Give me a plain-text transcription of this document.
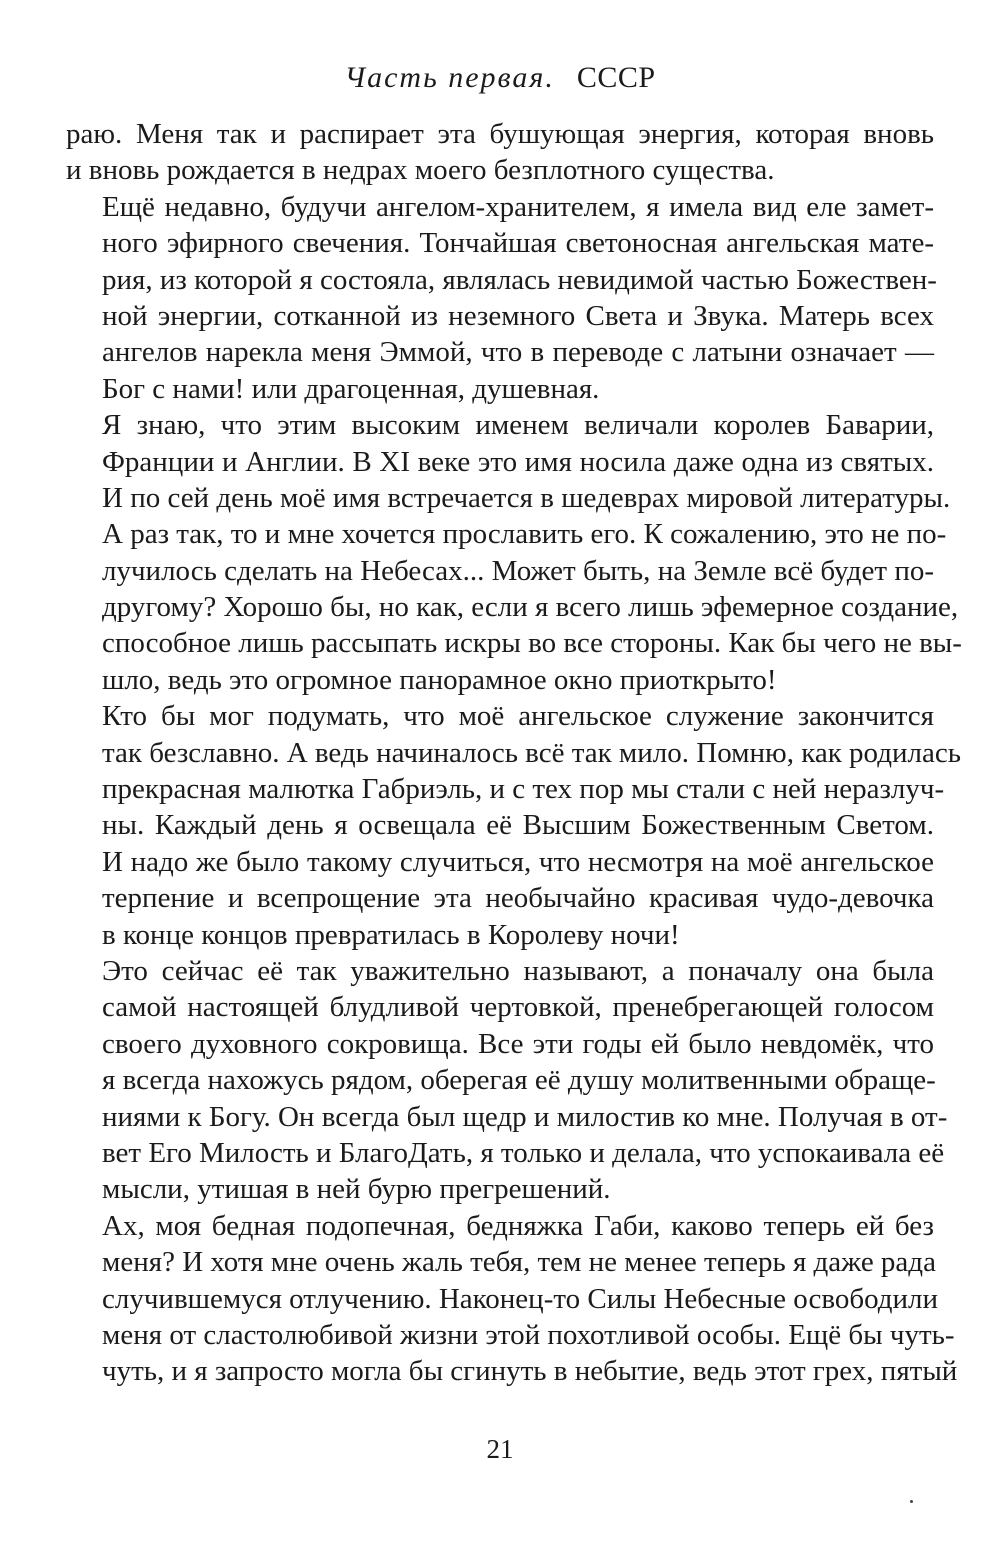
Часть первая. СССР
раю. Меня так и распирает эта бушующая энергия, которая вновь
и вновь рождается в недрах моего безплотного существа.
Ещё недавно, будучи ангелом-хранителем, я имела вид еле замет-
ного эфирного свечения. Тончайшая светоносная ангельская мате-
рия, из которой я состояла, являлась невидимой частью Божествен-
ной энергии, сотканной из неземного Света и Звука. Матерь всех
ангелов нарекла меня Эммой, что в переводе с латыни означает —
Бог с нами! или драгоценная, душевная.
Я знаю, что этим высоким именем величали королев Баварии,
Франции и Англии. В XI веке это имя носила даже одна из святых.
И по сей день моё имя встречается в шедеврах мировой литературы.
А раз так, то и мне хочется прославить его. К сожалению, это не по-
лучилось сделать на Небесах... Может быть, на Земле всё будет по-
другому? Хорошо бы, но как, если я всего лишь эфемерное создание,
способное лишь рассыпать искры во все стороны. Как бы чего не вы-
шло, ведь это огромное панорамное окно приоткрыто!
Кто бы мог подумать, что моё ангельское служение закончится
так безславно. А ведь начиналось всё так мило. Помню, как родилась
прекрасная малютка Габриэль, и с тех пор мы стали с ней неразлуч-
ны. Каждый день я освещала её Высшим Божественным Светом.
И надо же было такому случиться, что несмотря на моё ангельское
терпение и всепрощение эта необычайно красивая чудо-девочка
в конце концов превратилась в Королеву ночи!
Это сейчас её так уважительно называют, а поначалу она была
самой настоящей блудливой чертовкой, пренебрегающей голосом
своего духовного сокровища. Все эти годы ей было невдомёк, что
я всегда нахожусь рядом, оберегая её душу молитвенными обраще-
ниями к Богу. Он всегда был щедр и милостив ко мне. Получая в от-
вет Его Милость и БлагоДать, я только и делала, что успокаивала её
мысли, утишая в ней бурю прегрешений.
Ах, моя бедная подопечная, бедняжка Габи, каково теперь ей без
меня? И хотя мне очень жаль тебя, тем не менее теперь я даже рада
случившемуся отлучению. Наконец-то Силы Небесные освободили
меня от сластолюбивой жизни этой похотливой особы. Ещё бы чуть-
чуть, и я запросто могла бы сгинуть в небытие, ведь этот грех, пятый
21
